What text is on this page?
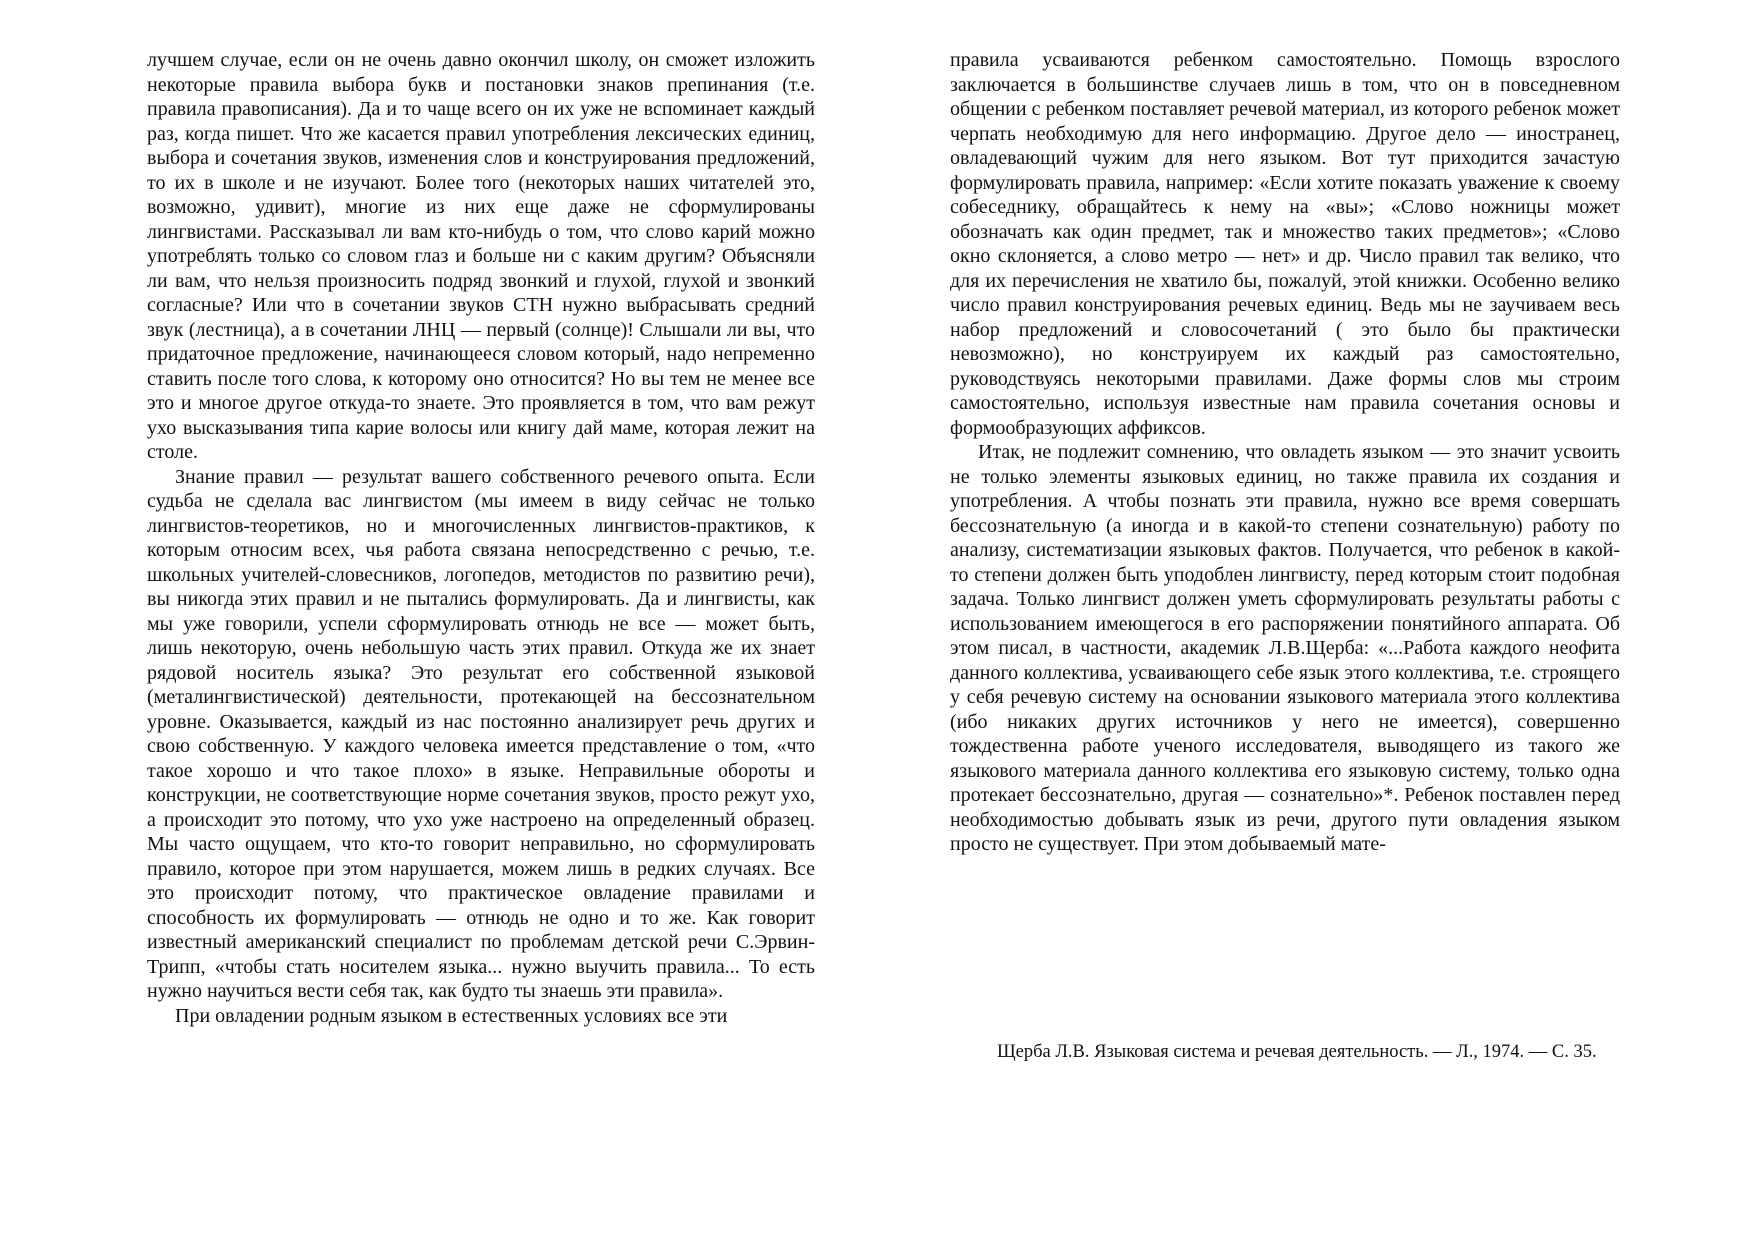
лучшем случае, если он не очень давно окончил школу, он сможет изложить некоторые правила выбора букв и постановки знаков препинания (т.е. правила правописания). Да и то чаще всего он их уже не вспоминает каждый раз, когда пишет. Что же касается правил употребления лексических единиц, выбора и сочетания звуков, изменения слов и конструирования предложений, то их в школе и не изучают. Более того (некоторых наших читателей это, возможно, удивит), многие из них еще даже не сформулированы лингвистами. Рассказывал ли вам кто-нибудь о том, что слово карий можно употреблять только со словом глаз и больше ни с каким другим? Объясняли ли вам, что нельзя произносить подряд звонкий и глухой, глухой и звонкий согласные? Или что в сочетании звуков СТН нужно выбрасывать средний звук (лестница), а в сочетании ЛНЦ — первый (солнце)! Слышали ли вы, что придаточное предложение, начинающееся словом который, надо непременно ставить после того слова, к которому оно относится? Но вы тем не менее все это и многое другое откуда-то знаете. Это проявляется в том, что вам режут ухо высказывания типа карие волосы или книгу дай маме, которая лежит на столе.

Знание правил — результат вашего собственного речевого опыта. Если судьба не сделала вас лингвистом (мы имеем в виду сейчас не только лингвистов-теоретиков, но и многочисленных лингвистов-практиков, к которым относим всех, чья работа связана непосредственно с речью, т.е. школьных учителей-словесников, логопедов, методистов по развитию речи), вы никогда этих правил и не пытались формулировать. Да и лингвисты, как мы уже говорили, успели сформулировать отнюдь не все — может быть, лишь некоторую, очень небольшую часть этих правил. Откуда же их знает рядовой носитель языка? Это результат его собственной языковой (металингвистической) деятельности, протекающей на бессознательном уровне. Оказывается, каждый из нас постоянно анализирует речь других и свою собственную. У каждого человека имеется представление о том, «что такое хорошо и что такое плохо» в языке. Неправильные обороты и конструкции, не соответствующие норме сочетания звуков, просто режут ухо, а происходит это потому, что ухо уже настроено на определенный образец. Мы часто ощущаем, что кто-то говорит неправильно, но сформулировать правило, которое при этом нарушается, можем лишь в редких случаях. Все это происходит потому, что практическое овладение правилами и способность их формулировать — отнюдь не одно и то же. Как говорит известный американский специалист по проблемам детской речи С.Эрвин-Трипп, «чтобы стать носителем языка... нужно выучить правила... То есть нужно научиться вести себя так, как будто ты знаешь эти правила».

При овладении родным языком в естественных условиях все эти

правила усваиваются ребенком самостоятельно. Помощь взрослого заключается в большинстве случаев лишь в том, что он в повседневном общении с ребенком поставляет речевой материал, из которого ребенок может черпать необходимую для него информацию. Другое дело — иностранец, овладевающий чужим для него языком. Вот тут приходится зачастую формулировать правила, например: «Если хотите показать уважение к своему собеседнику, обращайтесь к нему на «вы»; «Слово ножницы может обозначать как один предмет, так и множество таких предметов»; «Слово окно склоняется, а слово метро — нет» и др. Число правил так велико, что для их перечисления не хватило бы, пожалуй, этой книжки. Особенно велико число правил конструирования речевых единиц. Ведь мы не заучиваем весь набор предложений и словосочетаний ( это было бы практически невозможно), но конструируем их каждый раз самостоятельно, руководствуясь некоторыми правилами. Даже формы слов мы строим самостоятельно, используя известные нам правила сочетания основы и формообразующих аффиксов.

Итак, не подлежит сомнению, что овладеть языком — это значит усвоить не только элементы языковых единиц, но также правила их создания и употребления. А чтобы познать эти правила, нужно все время совершать бессознательную (а иногда и в какой-то степени сознательную) работу по анализу, систематизации языковых фактов. Получается, что ребенок в какой-то степени должен быть уподоблен лингвисту, перед которым стоит подобная задача. Только лингвист должен уметь сформулировать результаты работы с использованием имеющегося в его распоряжении понятийного аппарата. Об этом писал, в частности, академик Л.В.Щерба: «...Работа каждого неофита данного коллектива, усваивающего себе язык этого коллектива, т.е. строящего у себя речевую систему на основании языкового материала этого коллектива (ибо никаких других источников у него не имеется), совершенно тождественна работе ученого исследователя, выводящего из такого же языкового материала данного коллектива его языковую систему, только одна протекает бессознательно, другая — сознательно»*. Ребенок поставлен перед необходимостью добывать язык из речи, другого пути овладения языком просто не существует. При этом добываемый мате-

Щерба Л.В. Языковая система и речевая деятельность. — Л., 1974. — С. 35.
